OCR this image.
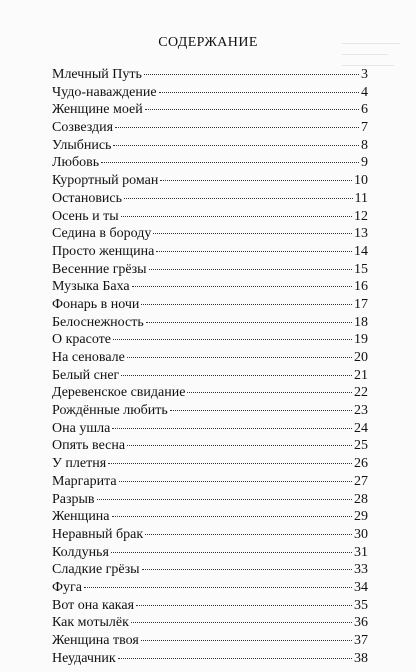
СОДЕРЖАНИЕ
Млечный Путь	3
Чудо-наваждение	4
Женщине моей	6
Созвездия	7
Улыбнись	8
Любовь	9
Курортный роман	10
Остановись	11
Осень и ты	12
Седина в бороду	13
Просто женщина	14
Весенние грёзы	15
Музыка Баха	16
Фонарь в ночи	17
Белоснежность	18
О красоте	19
На сеновале	20
Белый снег	21
Деревенское свидание	22
Рождённые любить	23
Она ушла	24
Опять весна	25
У плетня	26
Маргарита	27
Разрыв	28
Женщина	29
Неравный брак	30
Колдунья	31
Сладкие грёзы	33
Фуга	34
Вот она какая	35
Как мотылёк	36
Женщина твоя	37
Неудачник	38
